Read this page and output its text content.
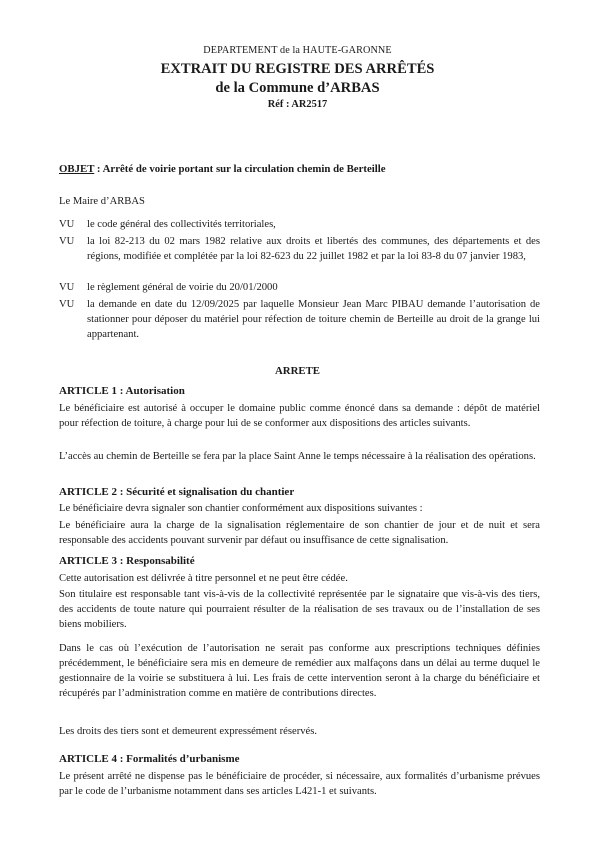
DEPARTEMENT de la HAUTE-GARONNE
EXTRAIT DU REGISTRE DES ARRÊTÉS
de la Commune d’ARBAS
Réf : AR2517
OBJET : Arrêté de voirie portant sur la circulation chemin de Berteille
Le Maire d’ARBAS
VU le code général des collectivités territoriales,
VU la loi 82-213 du 02 mars 1982 relative aux droits et libertés des communes, des départements et des régions, modifiée et complétée par la loi 82-623 du 22 juillet 1982 et par la loi 83-8 du 07 janvier 1983,
VU le règlement général de voirie du 20/01/2000
VU la demande en date du 12/09/2025 par laquelle Monsieur Jean Marc PIBAU demande l’autorisation de stationner pour déposer du matériel pour réfection de toiture chemin de Berteille au droit de la grange lui appartenant.
ARRETE
ARTICLE 1 : Autorisation
Le bénéficiaire est autorisé à occuper le domaine public comme énoncé dans sa demande : dépôt de matériel pour réfection de toiture, à charge pour lui de se conformer aux dispositions des articles suivants.
L’accès au chemin de Berteille se fera par la place Saint Anne le temps nécessaire à la réalisation des opérations.
ARTICLE 2 : Sécurité et signalisation du chantier
Le bénéficiaire devra signaler son chantier conformément aux dispositions suivantes :
Le bénéficiaire aura la charge de la signalisation réglementaire de son chantier de jour et de nuit et sera responsable des accidents pouvant survenir par défaut ou insuffisance de cette signalisation.
ARTICLE 3 : Responsabilité
Cette autorisation est délivrée à titre personnel et ne peut être cédée.
Son titulaire est responsable tant vis-à-vis de la collectivité représentée par le signataire que vis-à-vis des tiers, des accidents de toute nature qui pourraient résulter de la réalisation de ses travaux ou de l’installation de ses biens mobiliers.
Dans le cas où l’exécution de l’autorisation ne serait pas conforme aux prescriptions techniques définies précédemment, le bénéficiaire sera mis en demeure de remédier aux malfaçons dans un délai au terme duquel le gestionnaire de la voirie se substituera à lui. Les frais de cette intervention seront à la charge du bénéficiaire et récupérés par l’administration comme en matière de contributions directes.
Les droits des tiers sont et demeurent expressément réservés.
ARTICLE 4 : Formalités d’urbanisme
Le présent arrêté ne dispense pas le bénéficiaire de procéder, si nécessaire, aux formalités d’urbanisme prévues par le code de l’urbanisme notamment dans ses articles L421-1 et suivants.
